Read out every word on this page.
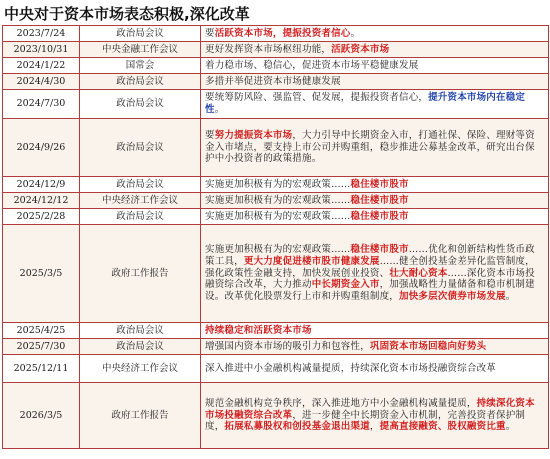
中央对于资本市场表态积极,深化改革
2023/7/24	政治局会议	要活跃资本市场，提振投资者信心。
2023/10/31	中央金融工作会议	更好发挥资本市场枢纽功能，活跃资本市场
2024/1/22	国常会	着力稳市场、稳信心，促进资本市场平稳健康发展
2024/4/30	政治局会议	多措并举促进资本市场健康发展
2024/7/30	政治局会议	要统筹防风险、强监管、促发展，提振投资者信心，提升资本市场内在稳定性。
2024/9/26	政治局会议	要努力提振资本市场，大力引导中长期资金入市，打通社保、保险、理财等资金入市堵点，要支持上市公司并购重组，稳步推进公募基金改革，研究出台保护中小投资者的政策措施。
2024/12/9	政治局会议	实施更加积极有为的宏观政策……稳住楼市股市
2024/12/12	中央经济工作会议	实施更加积极有为的宏观政策……稳住楼市股市
2025/2/28	政治局会议	实施更加积极有为的宏观政策……稳住楼市股市
2025/3/5	政府工作报告	实施更加积极有为的宏观政策……稳住楼市股市……优化和创新结构性货币政策工具，更大力度促进楼市股市健康发展……健全创投基金差异化监管制度，强化政策性金融支持，加快发展创业投资、壮大耐心资本……深化资本市场投融资综合改革，大力推动中长期资金入市，加强战略性力量储备和稳市机制建设。改革优化股票发行上市和并购重组制度，加快多层次债券市场发展。
2025/4/25	政治局会议	持续稳定和活跃资本市场
2025/7/30	政治局会议	增强国内资本市场的吸引力和包容性，巩固资本市场回稳向好势头
2025/12/11	中央经济工作会议	深入推进中小金融机构减量提质，持续深化资本市场投融资综合改革
2026/3/5	政府工作报告	规范金融机构竞争秩序，深入推进地方中小金融机构减量提质，持续深化资本市场投融资综合改革，进一步健全中长期资金入市机制，完善投资者保护制度，拓展私募股权和创投基金退出渠道，提高直接融资、股权融资比重。
